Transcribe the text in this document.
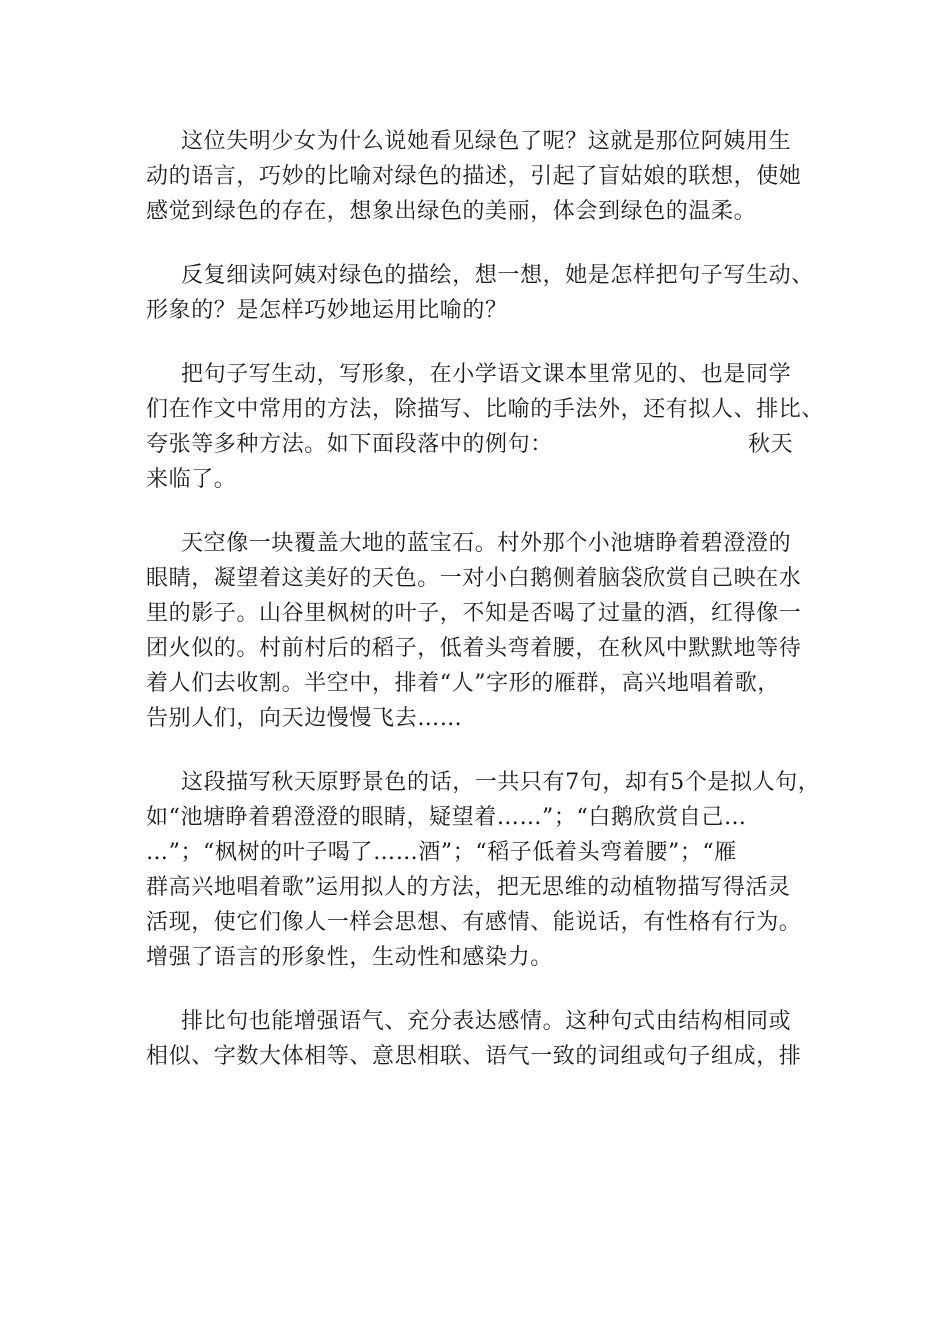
这位失明少女为什么说她看见绿色了呢？这就是那位阿姨用生
动的语言，巧妙的比喻对绿色的描述，引起了盲姑娘的联想，使她
感觉到绿色的存在，想象出绿色的美丽，体会到绿色的温柔。
反复细读阿姨对绿色的描绘，想一想，她是怎样把句子写生动、
形象的？是怎样巧妙地运用比喻的？
把句子写生动，写形象，在小学语文课本里常见的、也是同学
们在作文中常用的方法，除描写、比喻的手法外，还有拟人、排比、
夸张等多种方法。如下面段落中的例句：	秋天
来临了。
天空像一块覆盖大地的蓝宝石。村外那个小池塘睁着碧澄澄的
眼睛，凝望着这美好的天色。一对小白鹅侧着脑袋欣赏自己映在水
里的影子。山谷里枫树的叶子，不知是否喝了过量的酒，红得像一
团火似的。村前村后的稻子，低着头弯着腰，在秋风中默默地等待
着人们去收割。半空中，排着“人”字形的雁群，高兴地唱着歌，
告别人们，向天边慢慢飞去……
这段描写秋天原野景色的话，一共只有7句，却有5个是拟人句，
如“池塘睁着碧澄澄的眼睛，疑望着……”；“白鹅欣赏自己…
…”；“枫树的叶子喝了……酒”；“稻子低着头弯着腰”；“雁
群高兴地唱着歌”运用拟人的方法，把无思维的动植物描写得活灵
活现，使它们像人一样会思想、有感情、能说话，有性格有行为。
增强了语言的形象性，生动性和感染力。
排比句也能增强语气、充分表达感情。这种句式由结构相同或
相似、字数大体相等、意思相联、语气一致的词组或句子组成，排
